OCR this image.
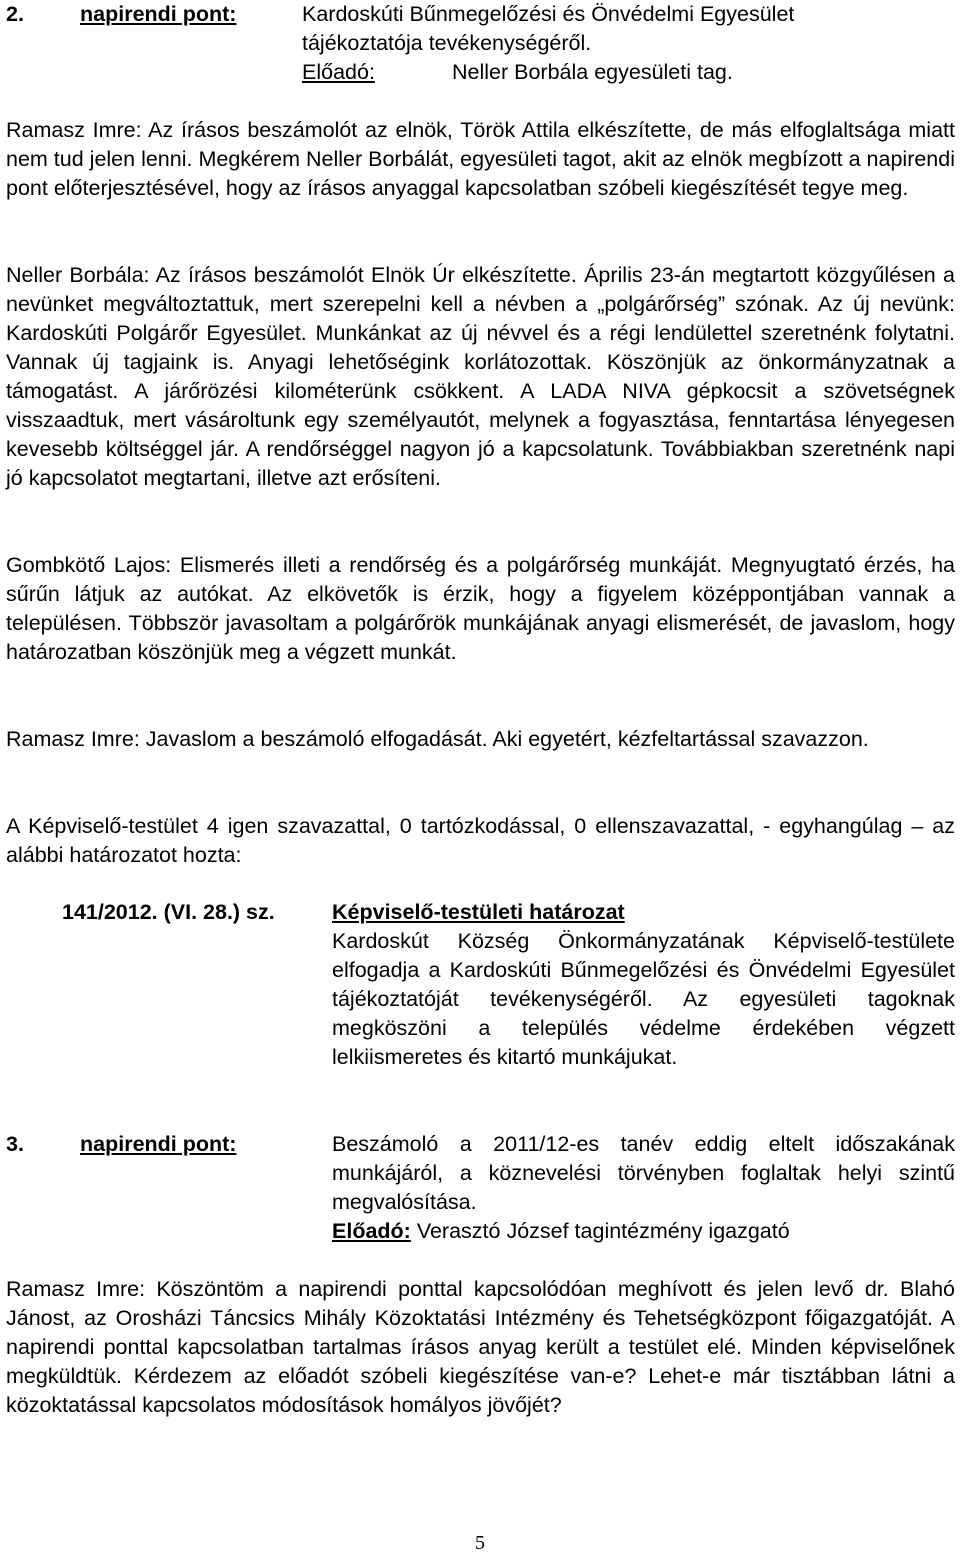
2.	napirendi pont:	Kardoskúti Bűnmegelőzési és Önvédelmi Egyesület
tájékoztatója tevékenységéről.
Előadó:	Neller Borbála egyesületi tag.

Ramasz Imre: Az írásos beszámolót az elnök, Török Attila elkészítette, de más elfoglaltsága miatt nem tud jelen lenni. Megkérem Neller Borbálát, egyesületi tagot, akit az elnök megbízott a napirendi pont előterjesztésével, hogy az írásos anyaggal kapcsolatban szóbeli kiegészítését tegye meg.

Neller Borbála: Az írásos beszámolót Elnök Úr elkészítette. Április 23-án megtartott közgyűlésen a nevünket megváltoztattuk, mert szerepelni kell a névben a „polgárőrség” szónak. Az új nevünk: Kardoskúti Polgárőr Egyesület. Munkánkat az új névvel és a régi lendülettel szeretnénk folytatni. Vannak új tagjaink is. Anyagi lehetőségink korlátozottak. Köszönjük az önkormányzatnak a támogatást. A járőrözési kilométerünk csökkent. A LADA NIVA gépkocsit a szövetségnek visszaadtuk, mert vásároltunk egy személyautót, melynek a fogyasztása, fenntartása lényegesen kevesebb költséggel jár. A rendőrséggel nagyon jó a kapcsolatunk. Továbbiakban szeretnénk napi jó kapcsolatot megtartani, illetve azt erősíteni.

Gombkötő Lajos: Elismerés illeti a rendőrség és a polgárőrség munkáját. Megnyugtató érzés, ha sűrűn látjuk az autókat. Az elkövetők is érzik, hogy a figyelem középpontjában vannak a településen. Többször javasoltam a polgárőrök munkájának anyagi elismerését, de javaslom, hogy határozatban köszönjük meg a végzett munkát.

Ramasz Imre: Javaslom a beszámoló elfogadását. Aki egyetért, kézfeltartással szavazzon.

A Képviselő-testület 4 igen szavazattal, 0 tartózkodással, 0 ellenszavazattal, - egyhangúlag – az alábbi határozatot hozta:

141/2012. (VI. 28.) sz.	Képviselő-testületi határozat

Kardoskút Község Önkormányzatának Képviselő-testülete elfogadja a Kardoskúti Bűnmegelőzési és Önvédelmi Egyesület tájékoztatóját tevékenységéről. Az egyesületi tagoknak megköszöni a település védelme érdekében végzett lelkiismeretes és kitartó munkájukat.

3.	napirendi pont:	Beszámoló a 2011/12-es tanév eddig eltelt időszakának munkájáról, a köznevelési törvényben foglaltak helyi szintű megvalósítása.

Előadó: Verasztó József tagintézmény igazgató

Ramasz Imre: Köszöntöm a napirendi ponttal kapcsolódóan meghívott és jelen levő dr. Blahó Jánost, az Orosházi Táncsics Mihály Közoktatási Intézmény és Tehetségközpont főigazgatóját. A napirendi ponttal kapcsolatban tartalmas írásos anyag került a testület elé. Minden képviselőnek megküldtük. Kérdezem az előadót szóbeli kiegészítése van-e? Lehet-e már tisztábban látni a közoktatással kapcsolatos módosítások homályos jövőjét?

5
